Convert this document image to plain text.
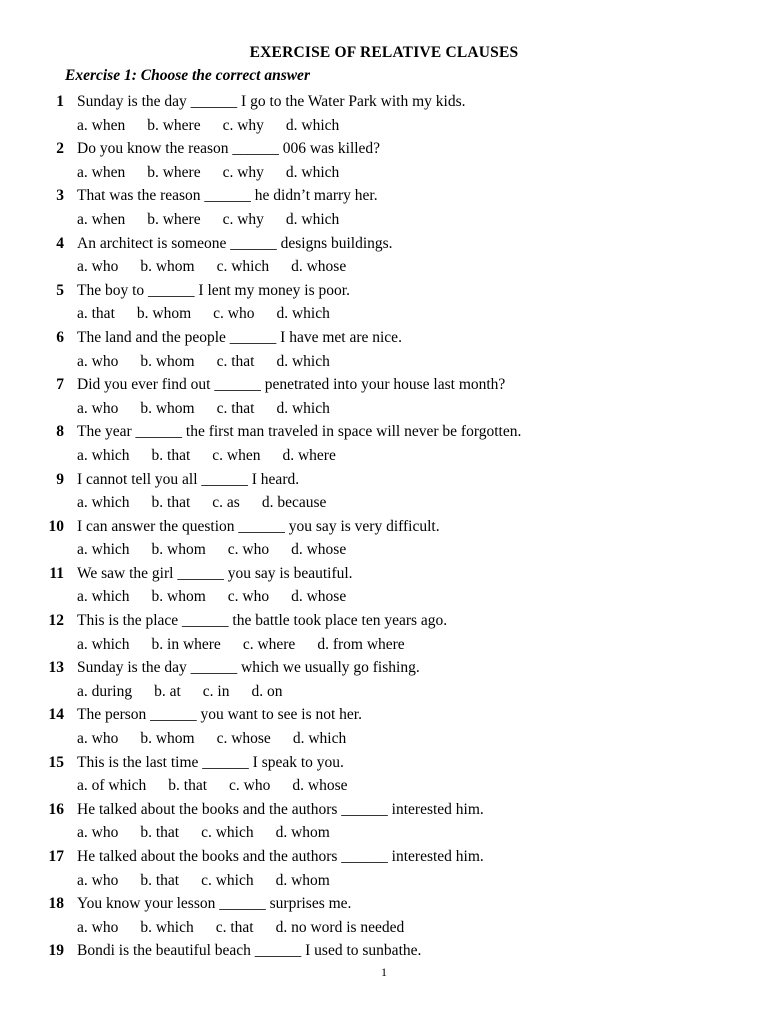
EXERCISE OF RELATIVE CLAUSES
Exercise 1: Choose the correct answer
1 Sunday is the day ______ I go to the Water Park with my kids.
a. when b. where c. why d. which
2 Do you know the reason ______ 006 was killed?
a. when b. where c. why d. which
3 That was the reason ______ he didn’t marry her.
a. when b. where c. why d. which
4 An architect is someone ______ designs buildings.
a. who b. whom c. which d. whose
5 The boy to ______ I lent my money is poor.
a. that b. whom c. who d. which
6 The land and the people ______ I have met are nice.
a. who b. whom c. that d. which
7 Did you ever find out ______ penetrated into your house last month?
a. who b. whom c. that d. which
8 The year ______ the first man traveled in space will never be forgotten.
a. which b. that c. when d. where
9 I cannot tell you all ______ I heard.
a. which b. that c. as d. because
10 I can answer the question ______ you say is very difficult.
a. which b. whom c. who d. whose
11 We saw the girl ______ you say is beautiful.
a. which b. whom c. who d. whose
12 This is the place ______ the battle took place ten years ago.
a. which b. in where c. where d. from where
13 Sunday is the day ______ which we usually go fishing.
a. during b. at c. in d. on
14 The person ______ you want to see is not her.
a. who b. whom c. whose d. which
15 This is the last time ______ I speak to you.
a. of which b. that c. who d. whose
16 He talked about the books and the authors ______ interested him.
a. who b. that c. which d. whom
17 He talked about the books and the authors ______ interested him.
a. who b. that c. which d. whom
18 You know your lesson ______ surprises me.
a. who b. which c. that d. no word is needed
19 Bondi is the beautiful beach ______ I used to sunbathe.
1
